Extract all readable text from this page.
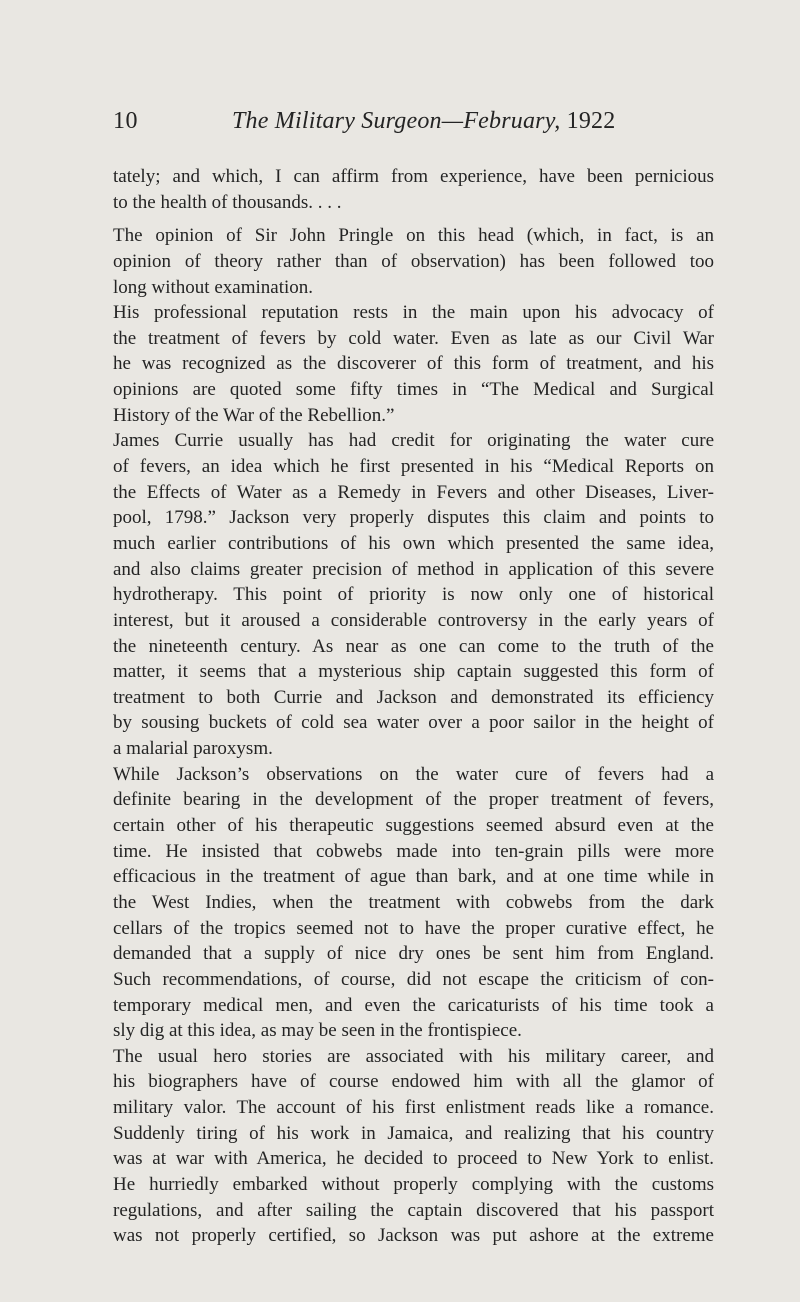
10	The Military Surgeon—February, 1922
tately; and which, I can affirm from experience, have been pernicious
to the health of thousands. . . .
The opinion of Sir John Pringle on this head (which, in fact, is an
opinion of theory rather than of observation) has been followed too
long without examination.
His professional reputation rests in the main upon his advocacy of
the treatment of fevers by cold water. Even as late as our Civil War
he was recognized as the discoverer of this form of treatment, and his
opinions are quoted some fifty times in “The Medical and Surgical
History of the War of the Rebellion.”
James Currie usually has had credit for originating the water cure
of fevers, an idea which he first presented in his “Medical Reports on
the Effects of Water as a Remedy in Fevers and other Diseases, Liver-
pool, 1798.” Jackson very properly disputes this claim and points to
much earlier contributions of his own which presented the same idea,
and also claims greater precision of method in application of this severe
hydrotherapy. This point of priority is now only one of historical
interest, but it aroused a considerable controversy in the early years of
the nineteenth century. As near as one can come to the truth of the
matter, it seems that a mysterious ship captain suggested this form of
treatment to both Currie and Jackson and demonstrated its efficiency
by sousing buckets of cold sea water over a poor sailor in the height of
a malarial paroxysm.
While Jackson’s observations on the water cure of fevers had a
definite bearing in the development of the proper treatment of fevers,
certain other of his therapeutic suggestions seemed absurd even at the
time. He insisted that cobwebs made into ten-grain pills were more
efficacious in the treatment of ague than bark, and at one time while in
the West Indies, when the treatment with cobwebs from the dark
cellars of the tropics seemed not to have the proper curative effect, he
demanded that a supply of nice dry ones be sent him from England.
Such recommendations, of course, did not escape the criticism of con-
temporary medical men, and even the caricaturists of his time took a
sly dig at this idea, as may be seen in the frontispiece.
The usual hero stories are associated with his military career, and
his biographers have of course endowed him with all the glamor of
military valor. The account of his first enlistment reads like a romance.
Suddenly tiring of his work in Jamaica, and realizing that his country
was at war with America, he decided to proceed to New York to enlist.
He hurriedly embarked without properly complying with the customs
regulations, and after sailing the captain discovered that his passport
was not properly certified, so Jackson was put ashore at the extreme
